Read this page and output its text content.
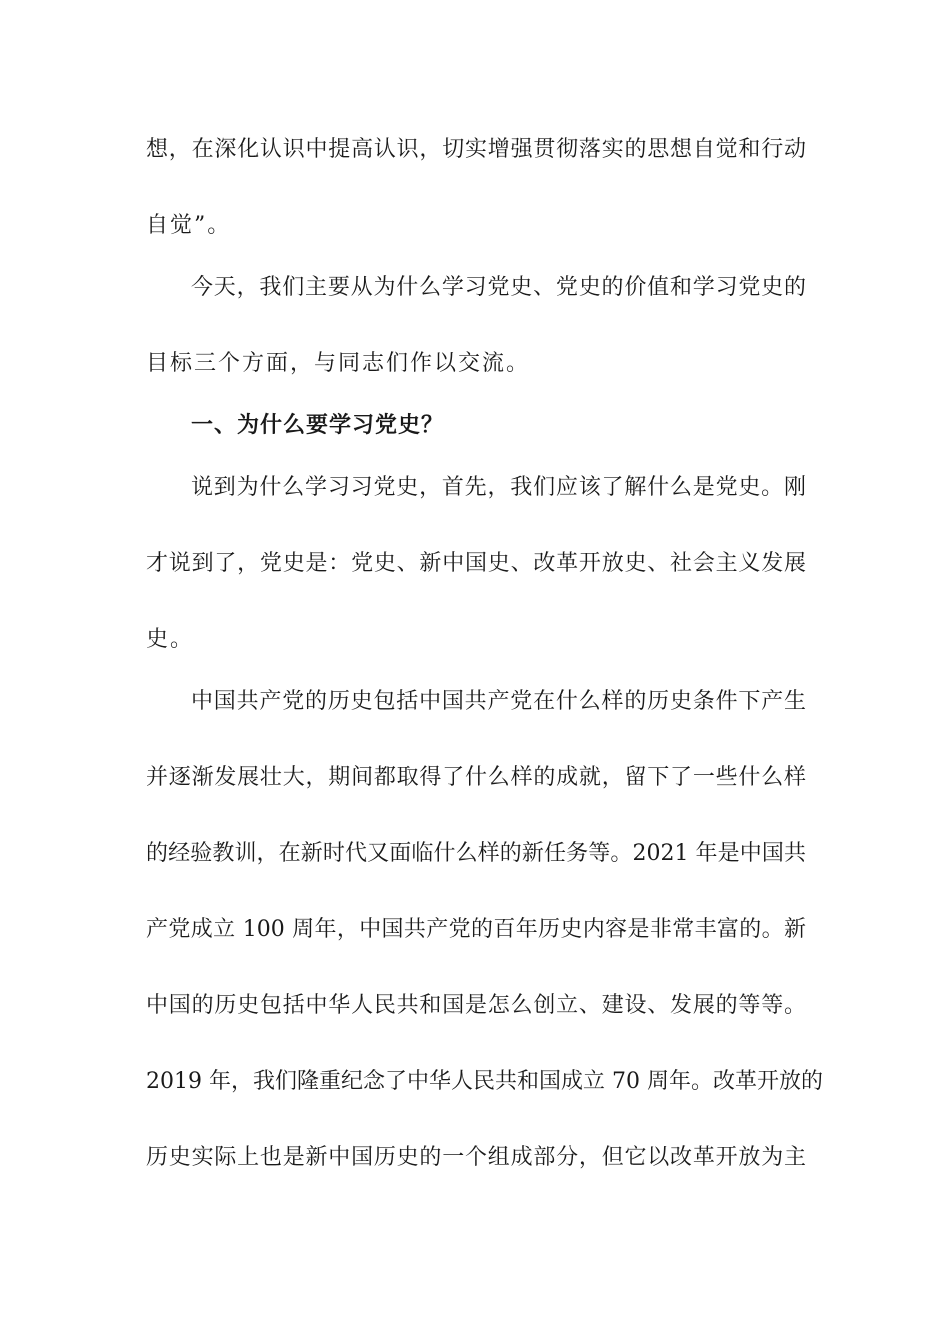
想，在深化认识中提高认识，切实增强贯彻落实的思想自觉和行动
自觉”。
今天，我们主要从为什么学习党史、党史的价值和学习党史的
目标三个方面，与同志们作以交流。
一、为什么要学习党史？
说到为什么学习习党史，首先，我们应该了解什么是党史。刚
才说到了，党史是：党史、新中国史、改革开放史、社会主义发展
史。
中国共产党的历史包括中国共产党在什么样的历史条件下产生
并逐渐发展壮大，期间都取得了什么样的成就，留下了一些什么样
的经验教训，在新时代又面临什么样的新任务等。2021 年是中国共
产党成立 100 周年，中国共产党的百年历史内容是非常丰富的。新
中国的历史包括中华人民共和国是怎么创立、建设、发展的等等。
2019 年，我们隆重纪念了中华人民共和国成立 70 周年。改革开放的
历史实际上也是新中国历史的一个组成部分，但它以改革开放为主
